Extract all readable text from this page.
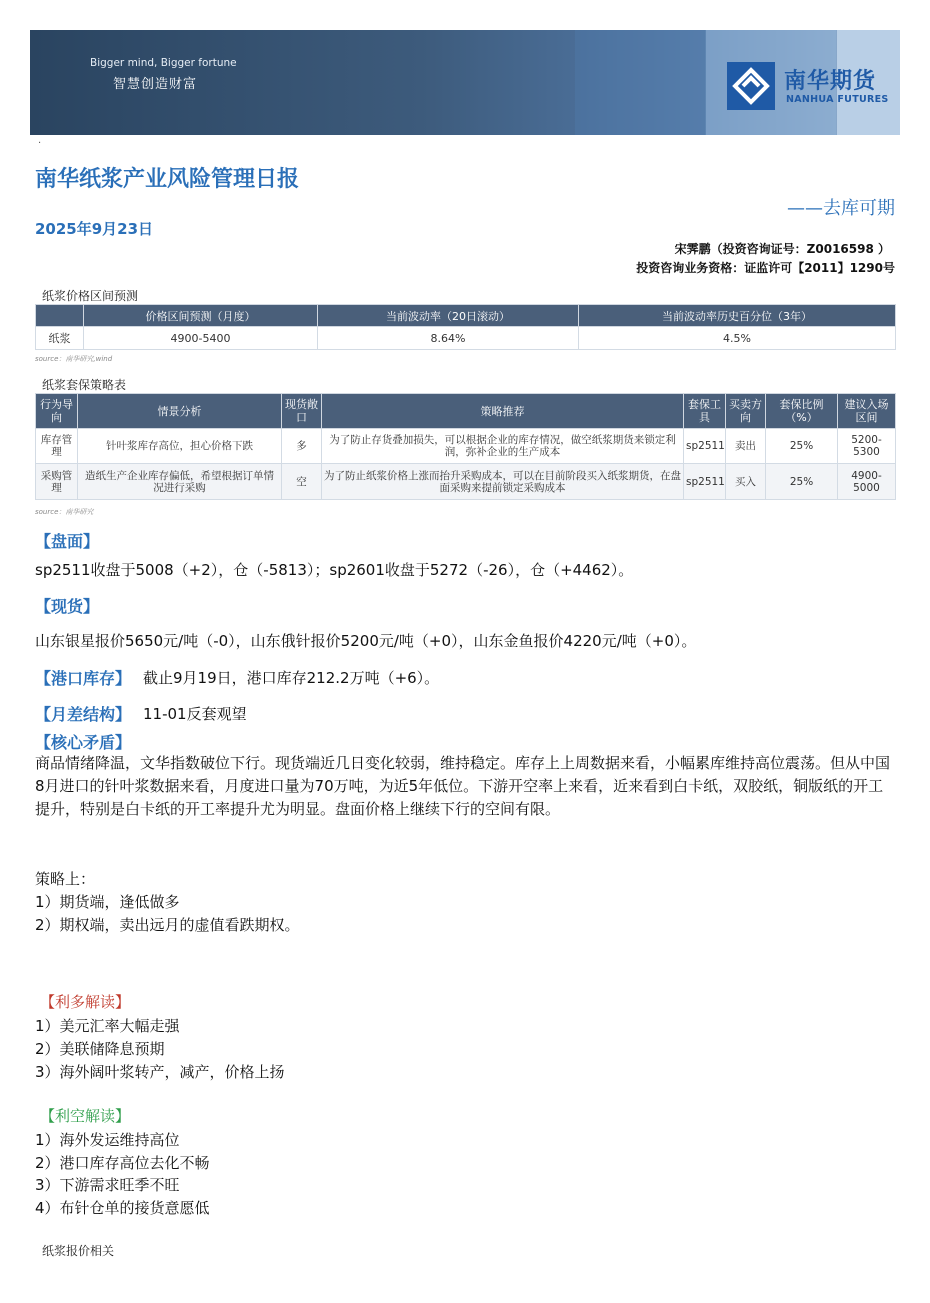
Bigger mind, Bigger fortune
智慧创造财富	南华期货
NANHUA FUTURES
·
南华纸浆产业风险管理日报
——去库可期
2025年9月23日
宋霁鹏（投资咨询证号：Z0016598 ）
投资咨询业务资格：证监许可【2011】1290号
纸浆价格区间预测
	价格区间预测（月度）	当前波动率（20日滚动）	当前波动率历史百分位（3年）
纸浆	4900-5400	8.64%	4.5%
source：南华研究,wind
纸浆套保策略表
行为导向	情景分析	现货敞口	策略推荐	套保工具	买卖方向	套保比例（%）	建议入场区间
库存管理	针叶浆库存高位，担心价格下跌	多	为了防止存货叠加损失，可以根据企业的库存情况，做空纸浆期货来锁定利润，弥补企业的生产成本	sp2511	卖出	25%	5200-5300
采购管理	造纸生产企业库存偏低，希望根据订单情况进行采购	空	为了防止纸浆价格上涨而抬升采购成本，可以在目前阶段买入纸浆期货，在盘面采购来提前锁定采购成本	sp2511	买入	25%	4900-5000
source：南华研究
【盘面】
sp2511收盘于5008（+2），仓（-5813）；sp2601收盘于5272（-26），仓（+4462）。
【现货】
山东银星报价5650元/吨（-0），山东俄针报价5200元/吨（+0），山东金鱼报价4220元/吨（+0）。
【港口库存】 截止9月19日，港口库存212.2万吨（+6）。
【月差结构】 11-01反套观望
【核心矛盾】
商品情绪降温，文华指数破位下行。现货端近几日变化较弱，维持稳定。库存上上周数据来看，小幅累库维持高位震荡。但从中国8月进口的针叶浆数据来看，月度进口量为70万吨，为近5年低位。下游开空率上来看，近来看到白卡纸，双胶纸，铜版纸的开工提升，特别是白卡纸的开工率提升尤为明显。盘面价格上继续下行的空间有限。
策略上：
1）期货端，逢低做多
2）期权端，卖出远月的虚值看跌期权。
【利多解读】
1）美元汇率大幅走强
2）美联储降息预期
3）海外阔叶浆转产，减产，价格上扬
【利空解读】
1）海外发运维持高位
2）港口库存高位去化不畅
3）下游需求旺季不旺
4）布针仓单的接货意愿低
纸浆报价相关
